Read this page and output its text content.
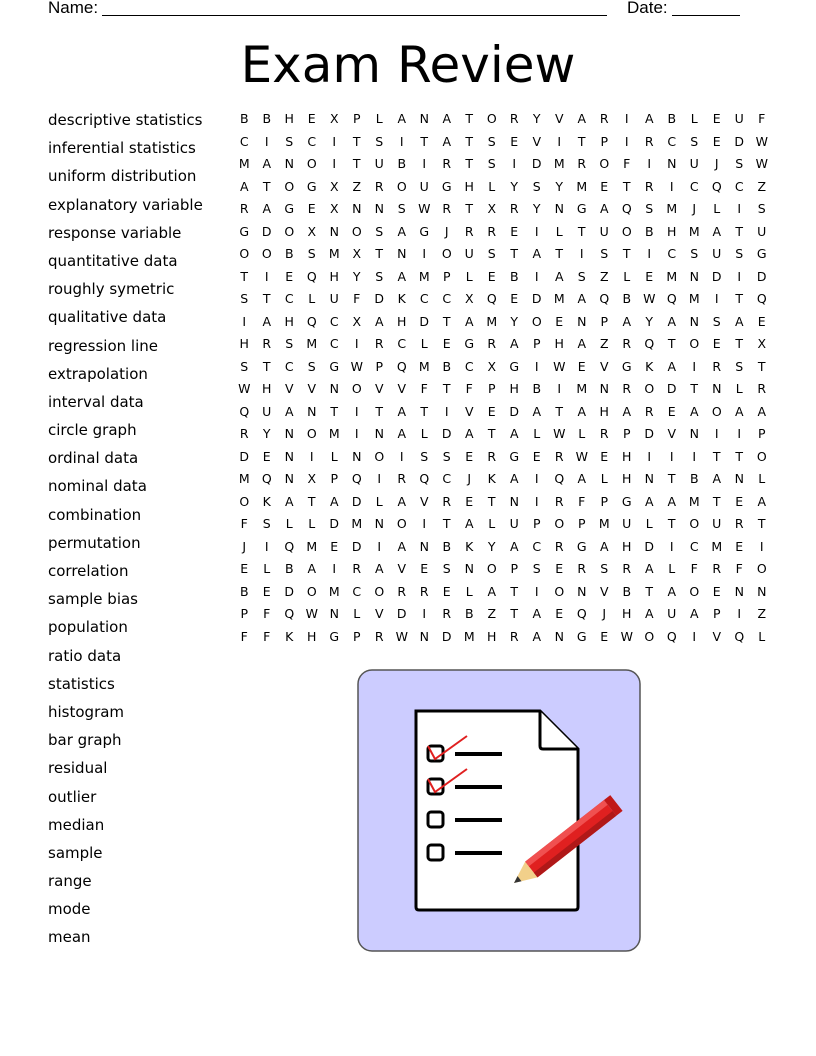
Name:	Date:
Exam Review
descriptive statistics
inferential statistics
uniform distribution
explanatory variable
response variable
quantitative data
roughly symetric
qualitative data
regression line
extrapolation
interval data
circle graph
ordinal data
nominal data
combination
permutation
correlation
sample bias
population
ratio data
statistics
histogram
bar graph
residual
outlier
median
sample
range
mode
mean
B	B	H	E	X	P	L	A	N	A	T	O	R	Y	V	A	R	I	A	B	L	E	U	F
C	I	S	C	I	T	S	I	T	A	T	S	E	V	I	T	P	I	R	C	S	E	D	W
M	A	N	O	I	T	U	B	I	R	T	S	I	D	M	R	O	F	I	N	U	J	S	W
A	T	O	G	X	Z	R	O	U	G	H	L	Y	S	Y	M	E	T	R	I	C	Q	C	Z
R	A	G	E	X	N	N	S	W	R	T	X	R	Y	N	G	A	Q	S	M	J	L	I	S
G	D	O	X	N	O	S	A	G	J	R	R	E	I	L	T	U	O	B	H	M	A	T	U
O	O	B	S	M	X	T	N	I	O	U	S	T	A	T	I	S	T	I	C	S	U	S	G
T	I	E	Q	H	Y	S	A	M	P	L	E	B	I	A	S	Z	L	E	M	N	D	I	D
S	T	C	L	U	F	D	K	C	C	X	Q	E	D	M	A	Q	B	W	Q	M	I	T	Q
I	A	H	Q	C	X	A	H	D	T	A	M	Y	O	E	N	P	A	Y	A	N	S	A	E
H	R	S	M	C	I	R	C	L	E	G	R	A	P	H	A	Z	R	Q	T	O	E	T	X
S	T	C	S	G	W	P	Q	M	B	C	X	G	I	W	E	V	G	K	A	I	R	S	T
W	H	V	V	N	O	V	V	F	T	F	P	H	B	I	M	N	R	O	D	T	N	L	R
Q	U	A	N	T	I	T	A	T	I	V	E	D	A	T	A	H	A	R	E	A	O	A	A
R	Y	N	O	M	I	N	A	L	D	A	T	A	L	W	L	R	P	D	V	N	I	I	P
D	E	N	I	L	N	O	I	S	S	E	R	G	E	R	W	E	H	I	I	I	T	T	O
M	Q	N	X	P	Q	I	R	Q	C	J	K	A	I	Q	A	L	H	N	T	B	A	N	L
O	K	A	T	A	D	L	A	V	R	E	T	N	I	R	F	P	G	A	A	M	T	E	A
F	S	L	L	D	M	N	O	I	T	A	L	U	P	O	P	M	U	L	T	O	U	R	T
J	I	Q	M	E	D	I	A	N	B	K	Y	A	C	R	G	A	H	D	I	C	M	E	I
E	L	B	A	I	R	A	V	E	S	N	O	P	S	E	R	S	R	A	L	F	R	F	O
B	E	D	O	M	C	O	R	R	E	L	A	T	I	O	N	V	B	T	A	O	E	N	N
P	F	Q	W	N	L	V	D	I	R	B	Z	T	A	E	Q	J	H	A	U	A	P	I	Z
F	F	K	H	G	P	R	W	N	D	M	H	R	A	N	G	E	W	O	Q	I	V	Q	L
